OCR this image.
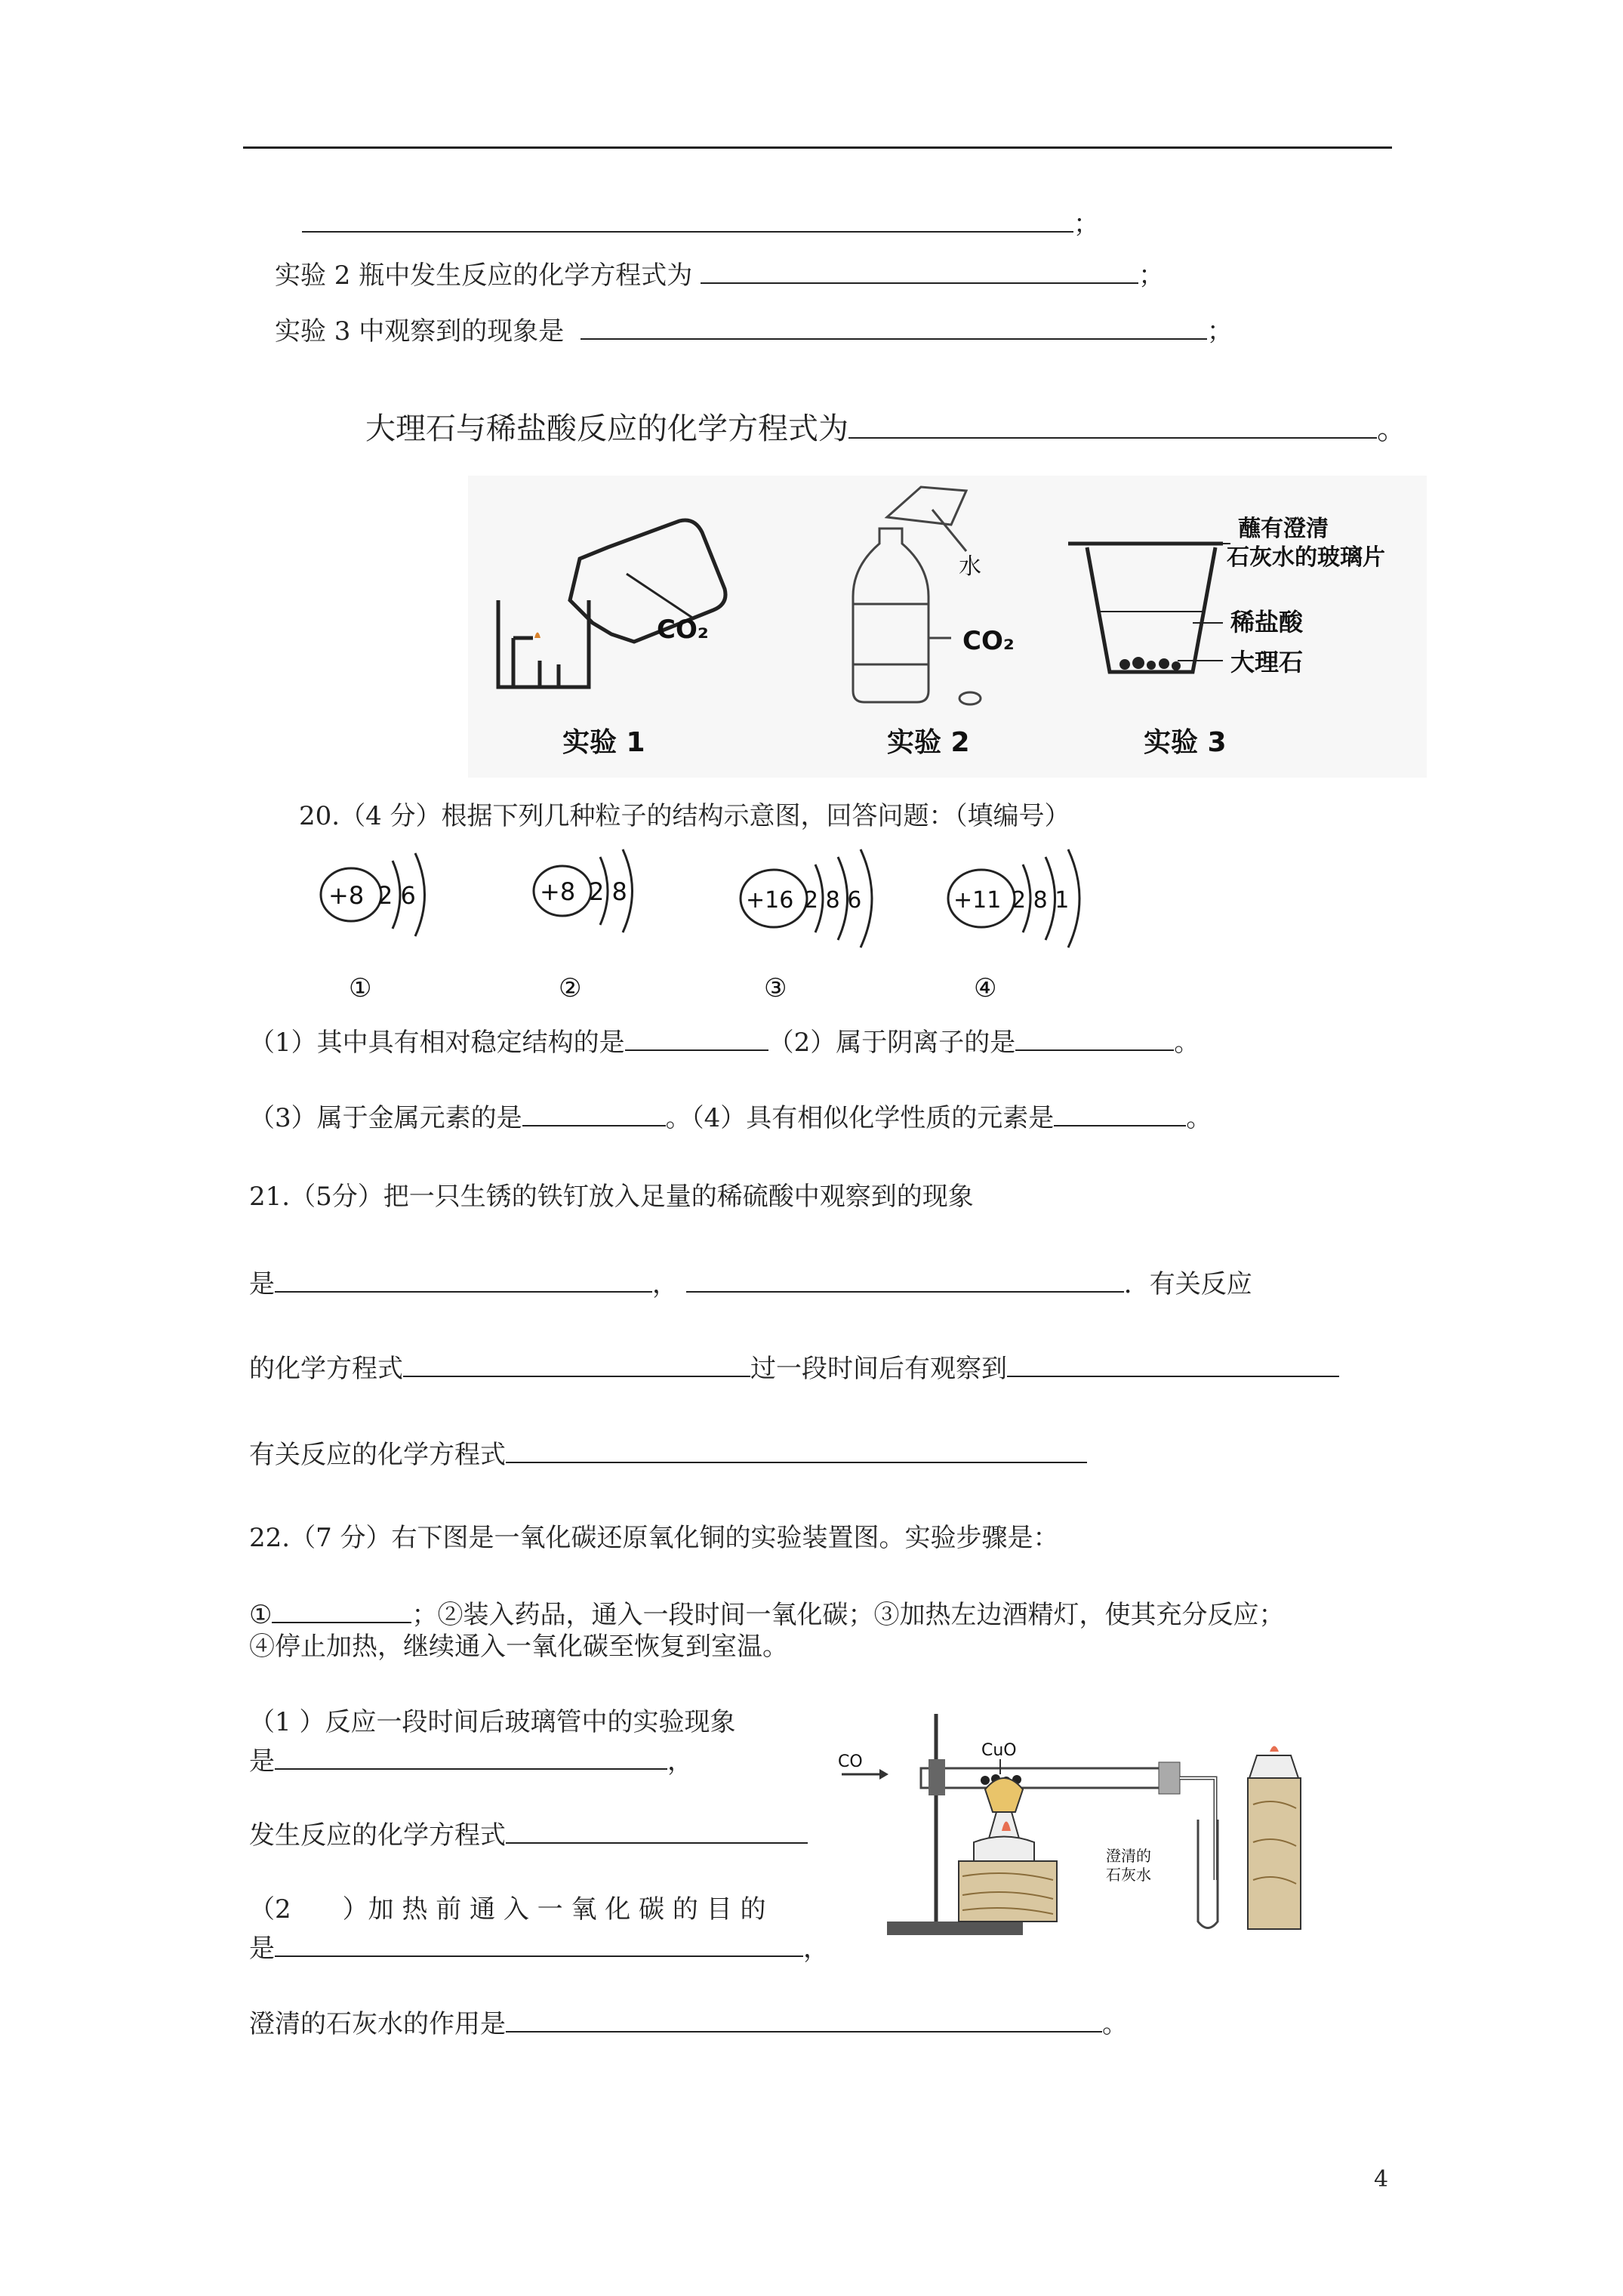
；
实验 2 瓶中发生反应的化学方程式为	；
实验 3 中观察到的现象是	；
大理石与稀盐酸反应的化学方程式为	。
CO₂
水
CO₂
蘸有澄清
石灰水的玻璃片
稀盐酸
大理石
实验 1	实验 2	实验 3
20.（4 分）根据下列几种粒子的结构示意图，回答问题：（填编号）
+8 2 6	+8 2 8	+16 2 8 6	+11 2 8 1
①	②	③	④
（1）其中具有相对稳定结构的是	（2）属于阴离子的是	。
（3）属于金属元素的是	。（4）具有相似化学性质的元素是	。
21.（5分）把一只生锈的铁钉放入足量的稀硫酸中观察到的现象
是	，	．有关反应
的化学方程式	过一段时间后有观察到
有关反应的化学方程式
22.（7 分）右下图是一氧化碳还原氧化铜的实验装置图。实验步骤是：
①	；②装入药品，通入一段时间一氧化碳；③加热左边酒精灯，使其充分反应；
④停止加热，继续通入一氧化碳至恢复到室温。
（1 ）反应一段时间后玻璃管中的实验现象
是	，
发生反应的化学方程式
（2　　）加 热 前 通 入 一 氧 化 碳 的 目 的
是	，
澄清的石灰水的作用是	。
CO
CuO
澄清的
石灰水
4
